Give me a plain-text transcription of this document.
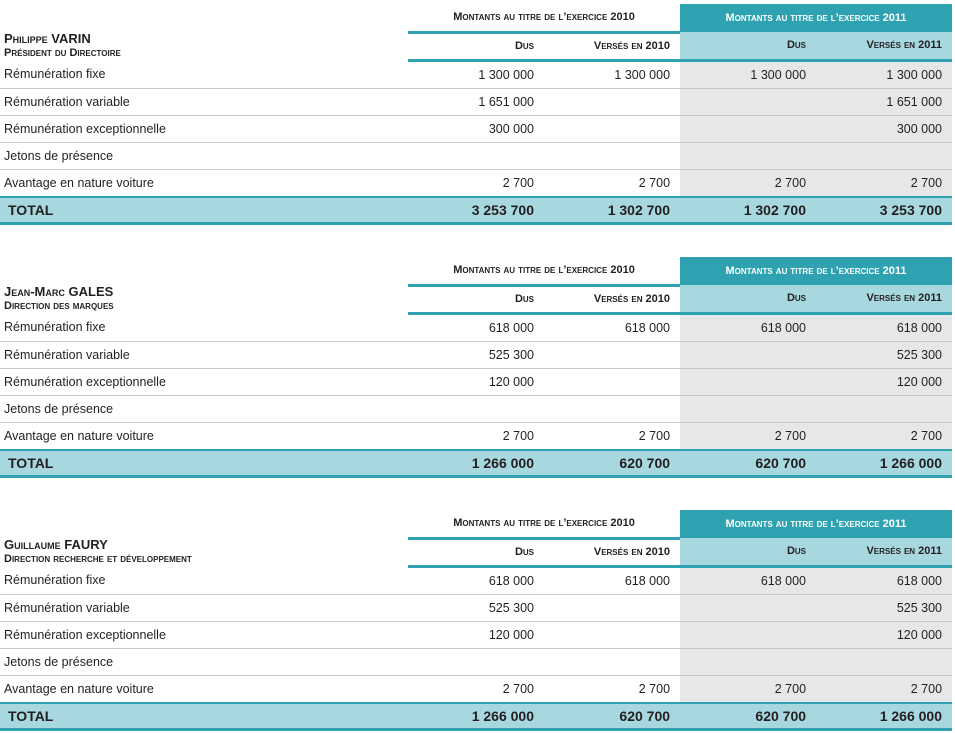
Philippe VARIN
Président du Directoire	Montants au titre de l’exercice 2010		Montants au titre de l’exercice 2011	
	Dus	Versés en 2010	Dus	Versés en 2011
Rémunération fixe	1 300 000	1 300 000	1 300 000	1 300 000
Rémunération variable	1 651 000			1 651 000
Rémunération exceptionnelle	300 000			300 000
Jetons de présence				
Avantage en nature voiture	2 700	2 700	2 700	2 700
TOTAL	3 253 700	1 302 700	1 302 700	3 253 700
Jean-Marc GALES
Direction des marques	Montants au titre de l’exercice 2010		Montants au titre de l’exercice 2011	
	Dus	Versés en 2010	Dus	Versés en 2011
Rémunération fixe	618 000	618 000	618 000	618 000
Rémunération variable	525 300			525 300
Rémunération exceptionnelle	120 000			120 000
Jetons de présence				
Avantage en nature voiture	2 700	2 700	2 700	2 700
TOTAL	1 266 000	620 700	620 700	1 266 000
Guillaume FAURY
Direction recherche et développement	Montants au titre de l’exercice 2010		Montants au titre de l’exercice 2011	
	Dus	Versés en 2010	Dus	Versés en 2011
Rémunération fixe	618 000	618 000	618 000	618 000
Rémunération variable	525 300			525 300
Rémunération exceptionnelle	120 000			120 000
Jetons de présence				
Avantage en nature voiture	2 700	2 700	2 700	2 700
TOTAL	1 266 000	620 700	620 700	1 266 000
